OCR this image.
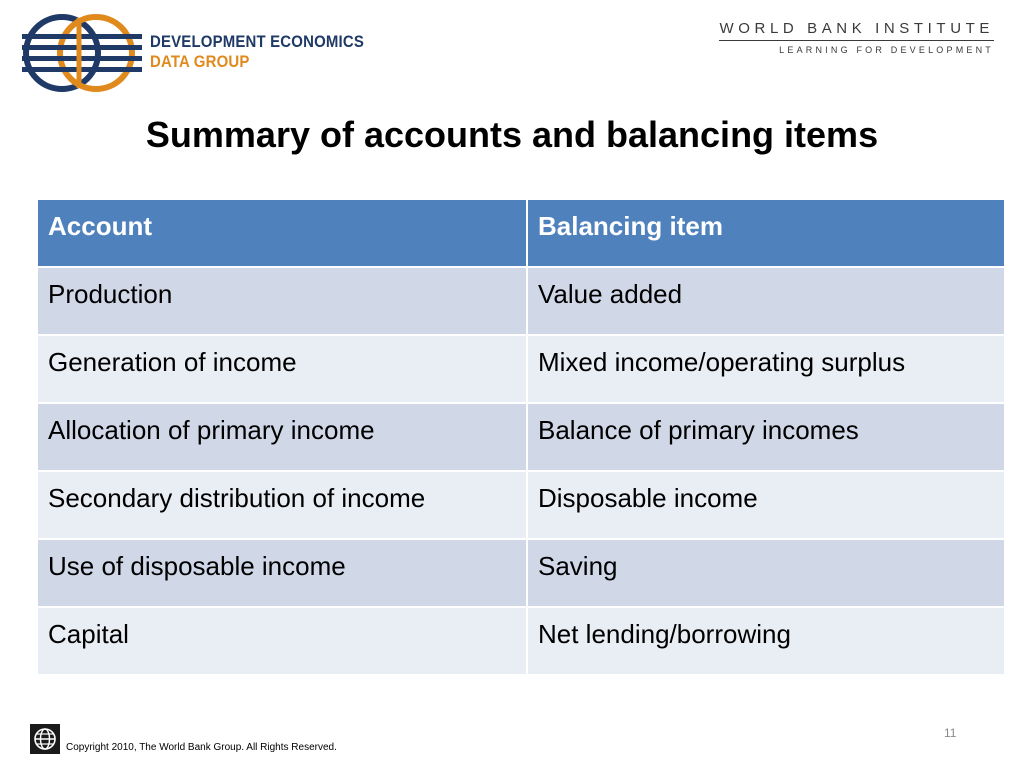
DEVELOPMENT ECONOMICS
DATA GROUP
WORLD BANK INSTITUTE
LEARNING FOR DEVELOPMENT
Summary of accounts and balancing items
Account	Balancing item
Production	Value added
Generation of income	Mixed income/operating surplus
Allocation of primary income	Balance of primary incomes
Secondary distribution of income	Disposable income
Use of disposable income	Saving
Capital	Net lending/borrowing
Copyright 2010, The World Bank Group. All Rights Reserved.
11
